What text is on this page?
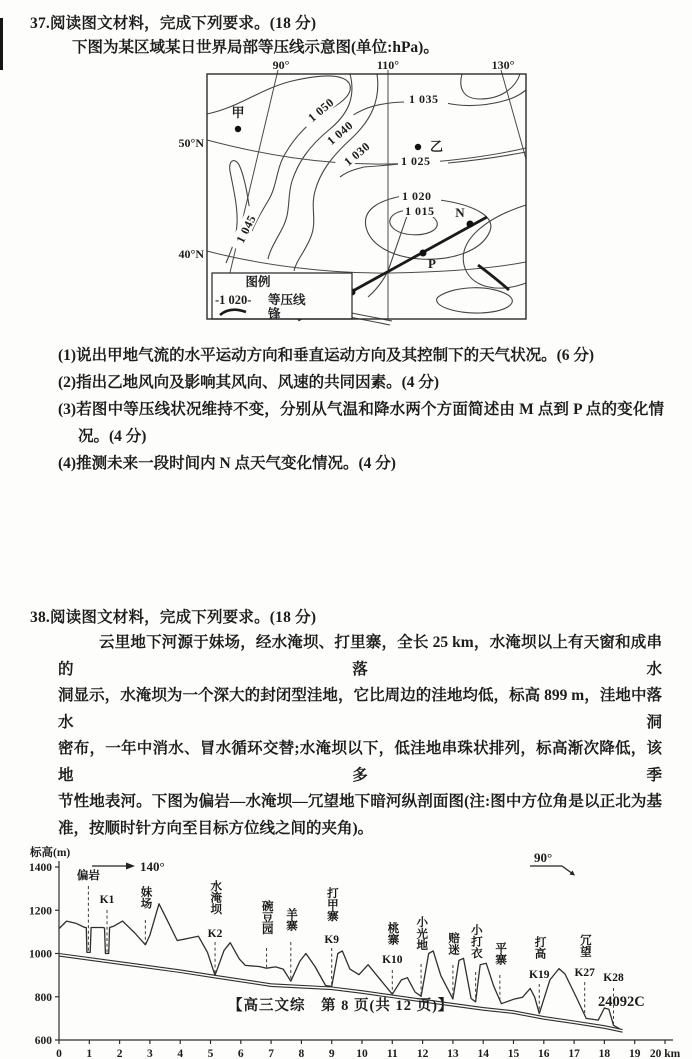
37.阅读图文材料，完成下列要求。(18 分)
下图为某区域某日世界局部等压线示意图(单位:hPa)。
1 050
1 040
1 030
1 045
1 035
1 025
1 020
1 015
甲
乙
P
N
图例
-1 020- 等压线
锋
90°	110°	130°
50°N
40°N
(1)说出甲地气流的水平运动方向和垂直运动方向及其控制下的天气状况。(6 分)
(2)指出乙地风向及影响其风向、风速的共同因素。(4 分)
(3)若图中等压线状况维持不变，分别从气温和降水两个方面简述由 M 点到 P 点的变化情
况。(4 分)
(4)推测未来一段时间内 N 点天气变化情况。(4 分)
38.阅读图文材料，完成下列要求。(18 分)
云里地下河源于妹场，经水淹坝、打里寨，全长 25 km，水淹坝以上有天窗和成串的落水
洞显示，水淹坝为一个深大的封闭型洼地，它比周边的洼地均低，标高 899 m，洼地中落水洞
密布，一年中消水、冒水循环交替;水淹坝以下，低洼地串珠状排列，标高渐次降低，该地多季
节性地表河。下图为偏岩—水淹坝—冗望地下暗河纵剖面图(注:图中方位角是以正北为基
准，按顺时针方向至目标方位线之间的夹角)。
标高(m)
140°
90°
1400
1200
1000
800
600
0 1 2 3 4 5 6 7 8 9 10 11 12 13 14 15 16 17 18 19 20 km
偏岩
K1 妹场	水淹坝
K2	碗豆园 羊寨	打甲寨
K9	桃寨
K10
小光地 赔迷 小打衣 平寨 打高
K19
冗望
K27 K28
【高三文综　第 8 页(共 12 页)】	24092C
